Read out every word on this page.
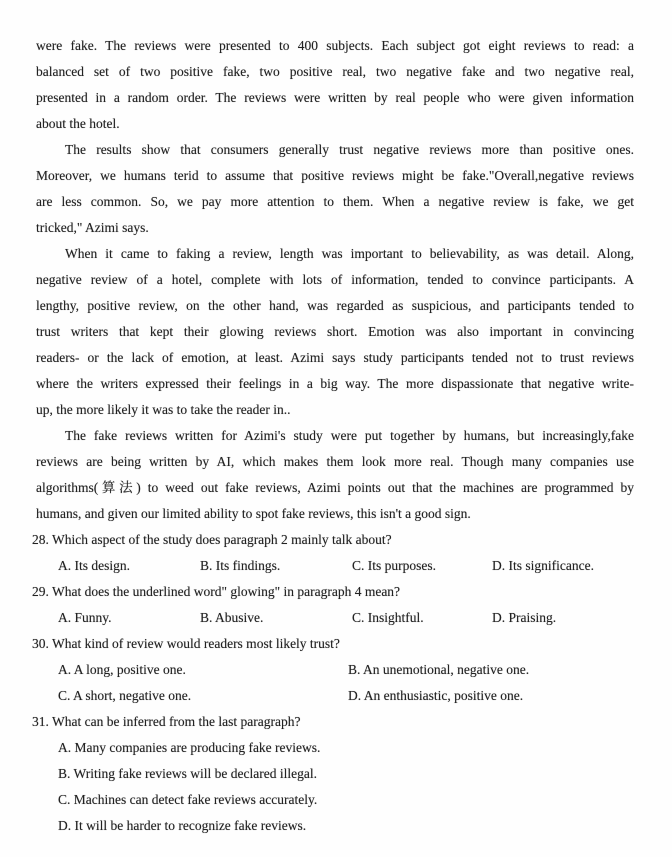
were fake. The reviews were presented to 400 subjects. Each subject got eight reviews to read: a
balanced set of two positive fake, two positive real, two negative fake and two negative real,
presented in a random order. The reviews were written by real people who were given information
about the hotel.
The results show that consumers generally trust negative reviews more than positive ones.
Moreover, we humans terid to assume that positive reviews might be fake."Overall,negative reviews
are less common. So, we pay more attention to them. When a negative review is fake, we get
tricked," Azimi says.
When it came to faking a review, length was important to believability, as was detail. Along,
negative review of a hotel, complete with lots of information, tended to convince participants. A
lengthy, positive review, on the other hand, was regarded as suspicious, and participants tended to
trust writers that kept their glowing reviews short. Emotion was also important in convincing
readers- or the lack of emotion, at least. Azimi says study participants tended not to trust reviews
where the writers expressed their feelings in a big way. The more dispassionate that negative write-
up, the more likely it was to take the reader in..
The fake reviews written for Azimi's study were put together by humans, but increasingly,fake
reviews are being written by AI, which makes them look more real. Though many companies use
algorithms(算法) to weed out fake reviews, Azimi points out that the machines are programmed by
humans, and given our limited ability to spot fake reviews, this isn't a good sign.
28. Which aspect of the study does paragraph 2 mainly talk about?
A. Its design.	B. Its findings.	C. Its purposes.	D. Its significance.
29. What does the underlined word" glowing" in paragraph 4 mean?
A. Funny.	B. Abusive.	C. Insightful.	D. Praising.
30. What kind of review would readers most likely trust?
A. A long, positive one.	B. An unemotional, negative one.
C. A short, negative one.	D. An enthusiastic, positive one.
31. What can be inferred from the last paragraph?
A. Many companies are producing fake reviews.
B. Writing fake reviews will be declared illegal.
C. Machines can detect fake reviews accurately.
D. It will be harder to recognize fake reviews.
